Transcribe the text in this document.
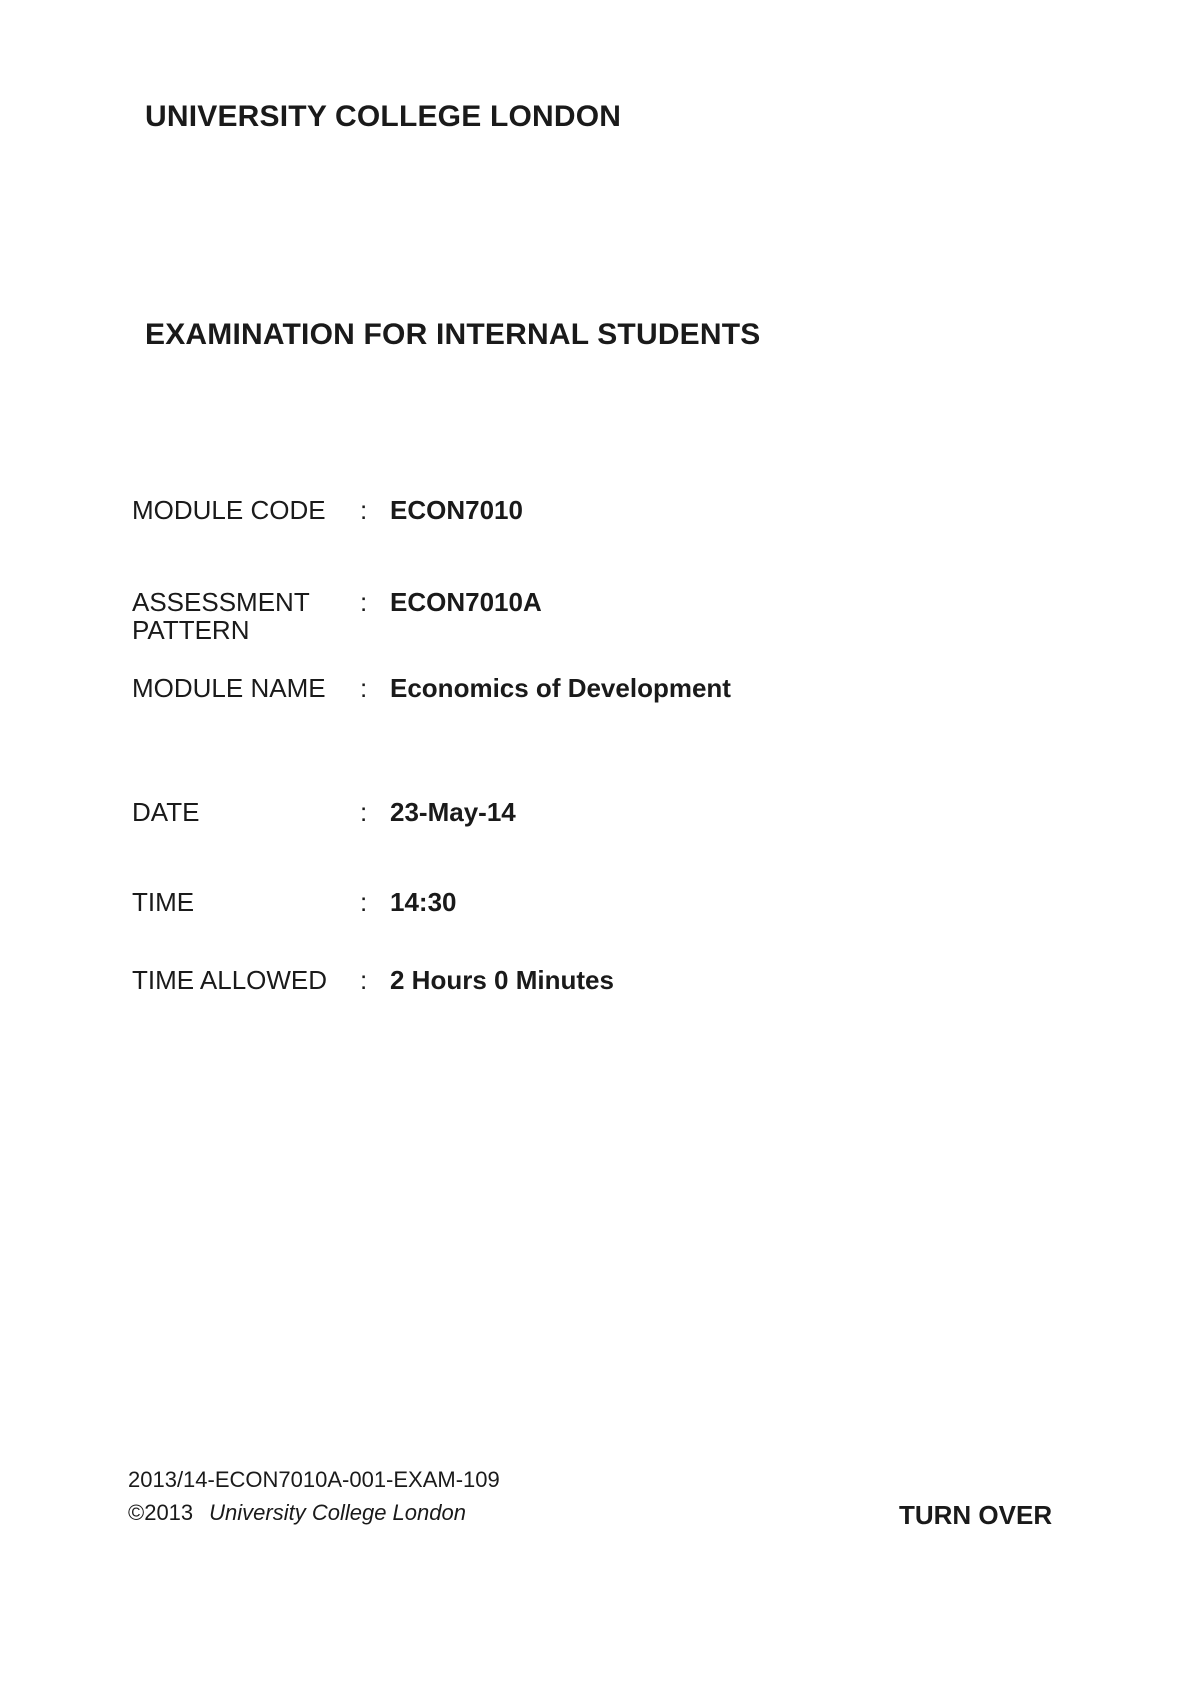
UNIVERSITY COLLEGE LONDON
EXAMINATION FOR INTERNAL STUDENTS
MODULE CODE	: ECON7010
ASSESSMENT
PATTERN
: ECON7010A
MODULE NAME	: Economics of Development
DATE	: 23-May-14
TIME	: 14:30
TIME ALLOWED	: 2 Hours 0 Minutes
2013/14-ECON7010A-001-EXAM-109
©2013 University College London	TURN OVER
